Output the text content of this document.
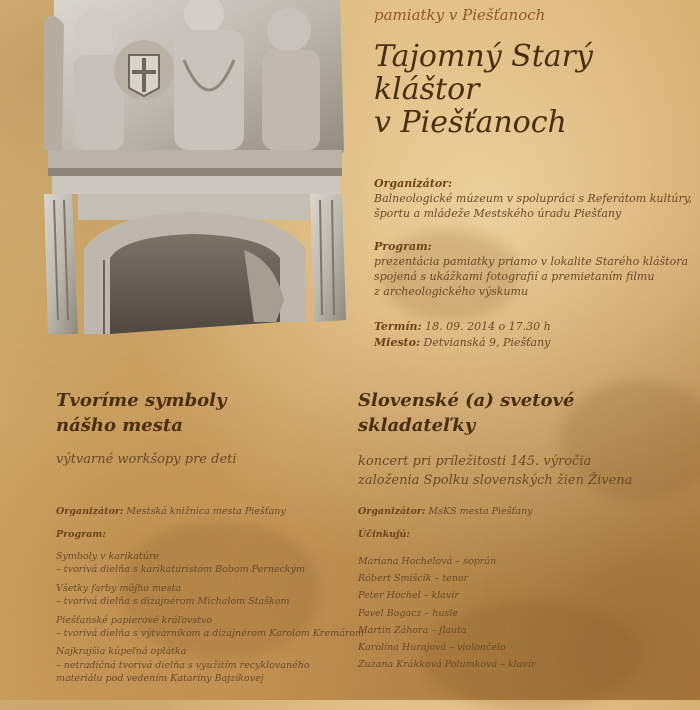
pamiatky v Piešťanoch
Tajomný Starý
kláštor
v Piešťanoch
Organizátor:
Balneologické múzeum v spolupráci s Referátom kultúry,
športu a mládeže Mestského úradu Piešťany
Program:
prezentácia pamiatky priamo v lokalite Starého kláštora
spojená s ukážkami fotografií a premietaním filmu
z archeologického výskumu
Termín: 18. 09. 2014 o 17.30 h
Miesto: Detvianská 9, Piešťany
Tvoríme symboly
nášho mesta
výtvarné workšopy pre deti
Organizátor: Mestská knižnica mesta Piešťany
Program:
Symboly v karikatúre
– tvorivá dielňa s karikaturistom Bobom Perneckým
Všetky farby môjho mesta
– tvorivá dielňa s dizajnérom Michalom Staškom
Piešťanské papierové kráľovstvo
– tvorivá dielňa s výtvarníkom a dizajnérom Karolom Kremárom
Najkrajšia kúpeľná oplátka
– netradičná tvorivá dielňa s využitím recyklovaného
materiálu pod vedením Kataríny Bajzíkovej
Slovenské (a) svetové
skladateľky
koncert pri príležitosti 145. výročia
založenia Spolku slovenských žien Živena
Organizátor: MsKS mesta Piešťany
Účinkujú:
Mariana Hochelová – soprán
Róbert Smišcik – tenor
Peter Hochel – klavír
Pavel Bogacz – husle
Martin Záhora – flauta
Karolína Hurajová – violončelo
Zuzana Krákková Polumková – klavír
